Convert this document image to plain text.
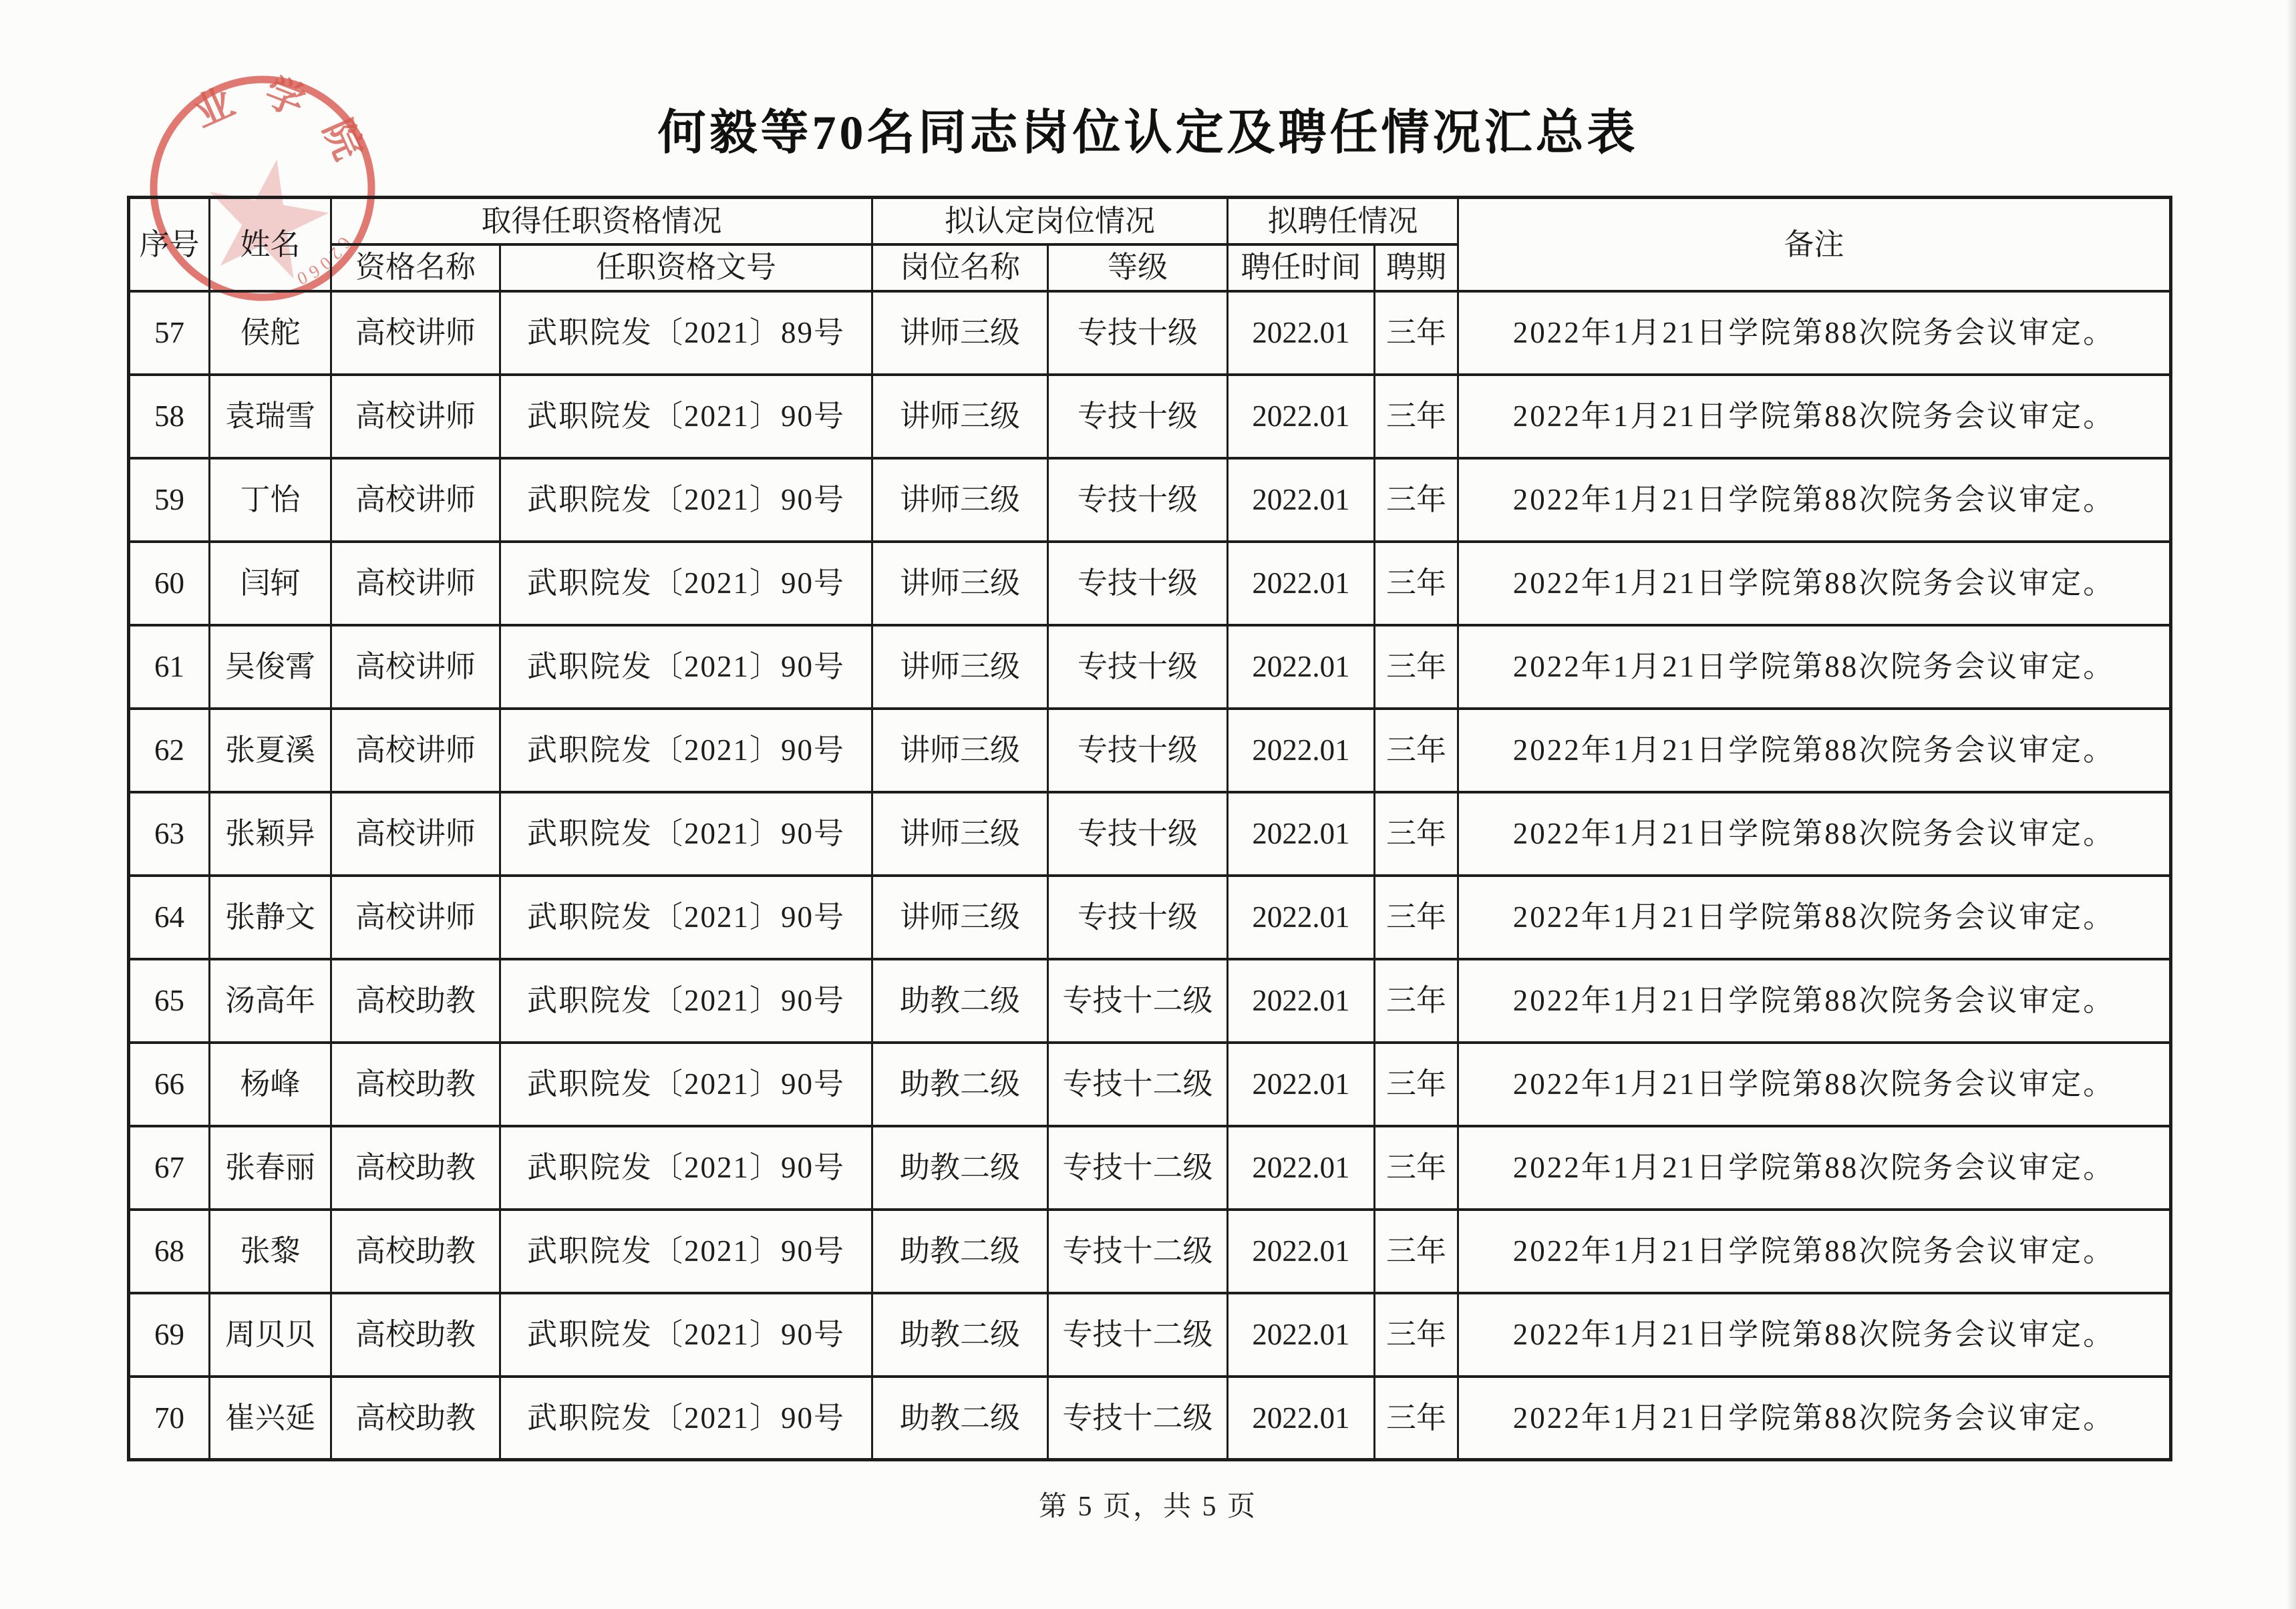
业学院
62060
何毅等70名同志岗位认定及聘任情况汇总表
序号	姓名	取得任职资格情况		拟认定岗位情况		拟聘任情况		备注
		资格名称	任职资格文号	岗位名称	等级	聘任时间	聘期	
57	侯舵	高校讲师	武职院发〔2021〕89号	讲师三级	专技十级	2022.01	三年	2022年1月21日学院第88次院务会议审定。
58	袁瑞雪	高校讲师	武职院发〔2021〕90号	讲师三级	专技十级	2022.01	三年	2022年1月21日学院第88次院务会议审定。
59	丁怡	高校讲师	武职院发〔2021〕90号	讲师三级	专技十级	2022.01	三年	2022年1月21日学院第88次院务会议审定。
60	闫轲	高校讲师	武职院发〔2021〕90号	讲师三级	专技十级	2022.01	三年	2022年1月21日学院第88次院务会议审定。
61	吴俊霄	高校讲师	武职院发〔2021〕90号	讲师三级	专技十级	2022.01	三年	2022年1月21日学院第88次院务会议审定。
62	张夏溪	高校讲师	武职院发〔2021〕90号	讲师三级	专技十级	2022.01	三年	2022年1月21日学院第88次院务会议审定。
63	张颖异	高校讲师	武职院发〔2021〕90号	讲师三级	专技十级	2022.01	三年	2022年1月21日学院第88次院务会议审定。
64	张静文	高校讲师	武职院发〔2021〕90号	讲师三级	专技十级	2022.01	三年	2022年1月21日学院第88次院务会议审定。
65	汤高年	高校助教	武职院发〔2021〕90号	助教二级	专技十二级	2022.01	三年	2022年1月21日学院第88次院务会议审定。
66	杨峰	高校助教	武职院发〔2021〕90号	助教二级	专技十二级	2022.01	三年	2022年1月21日学院第88次院务会议审定。
67	张春丽	高校助教	武职院发〔2021〕90号	助教二级	专技十二级	2022.01	三年	2022年1月21日学院第88次院务会议审定。
68	张黎	高校助教	武职院发〔2021〕90号	助教二级	专技十二级	2022.01	三年	2022年1月21日学院第88次院务会议审定。
69	周贝贝	高校助教	武职院发〔2021〕90号	助教二级	专技十二级	2022.01	三年	2022年1月21日学院第88次院务会议审定。
70	崔兴延	高校助教	武职院发〔2021〕90号	助教二级	专技十二级	2022.01	三年	2022年1月21日学院第88次院务会议审定。
第 5 页，共 5 页
